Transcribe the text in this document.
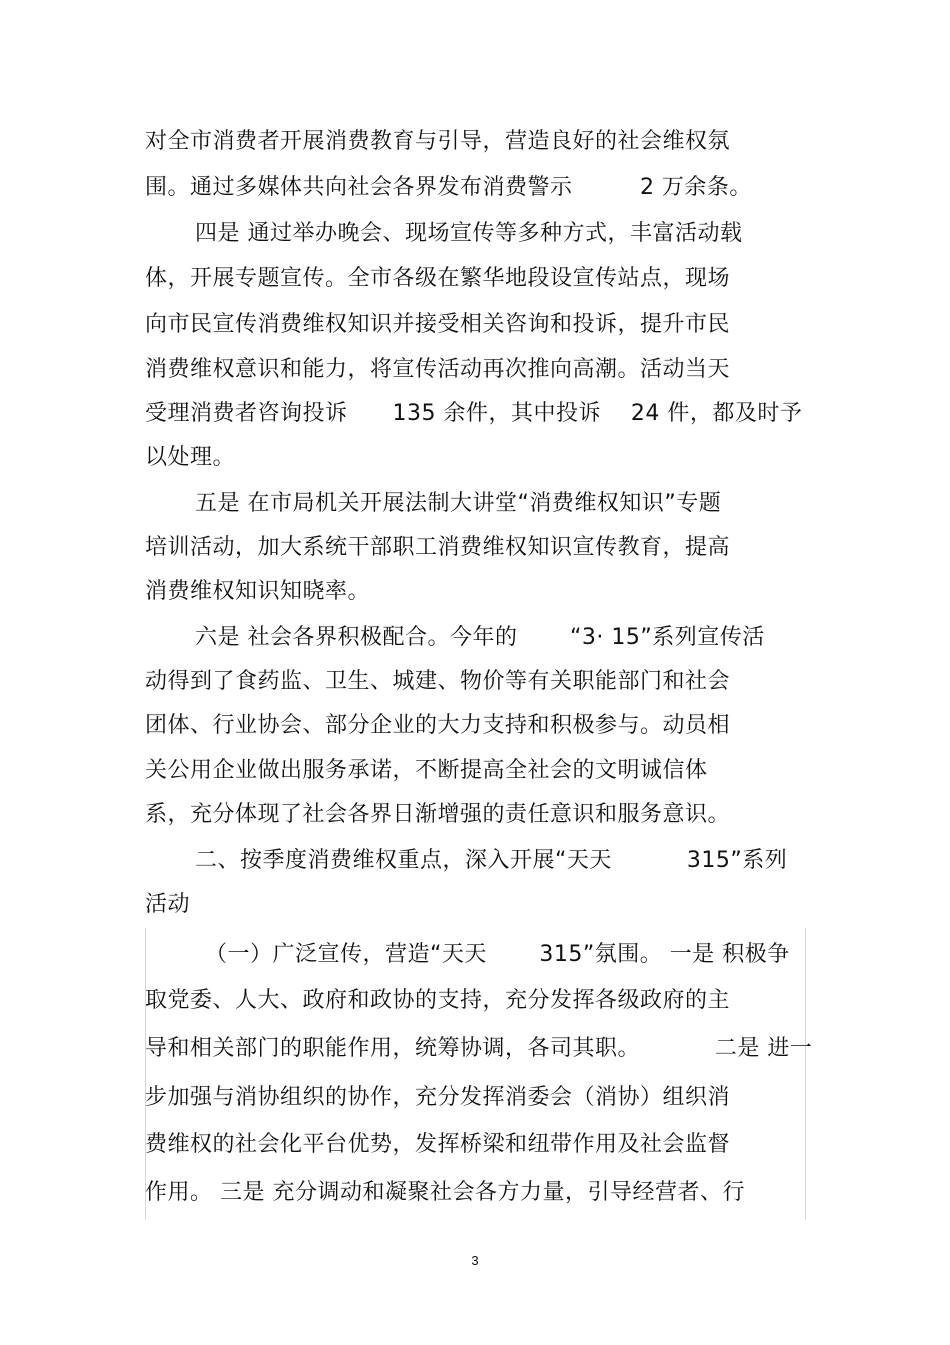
对全市消费者开展消费教育与引导，营造良好的社会维权氛
围。通过多媒体共向社会各界发布消费警示         2 万余条。
四是 通过举办晚会、现场宣传等多种方式，丰富活动载
体，开展专题宣传。全市各级在繁华地段设宣传站点，现场
向市民宣传消费维权知识并接受相关咨询和投诉，提升市民
消费维权意识和能力，将宣传活动再次推向高潮。活动当天
受理消费者咨询投诉      135 余件，其中投诉    24 件，都及时予
以处理。
五是 在市局机关开展法制大讲堂“消费维权知识”专题
培训活动，加大系统干部职工消费维权知识宣传教育，提高
消费维权知识知晓率。
六是 社会各界积极配合。今年的       “3· 15”系列宣传活
动得到了食药监、卫生、城建、物价等有关职能部门和社会
团体、行业协会、部分企业的大力支持和积极参与。动员相
关公用企业做出服务承诺，不断提高全社会的文明诚信体
系，充分体现了社会各界日渐增强的责任意识和服务意识。
二、按季度消费维权重点，深入开展“天天          315”系列
活动
（一）广泛宣传，营造“天天       315”氛围。 一是 积极争
取党委、人大、政府和政协的支持，充分发挥各级政府的主
导和相关部门的职能作用，统筹协调，各司其职。          二是 进一
步加强与消协组织的协作，充分发挥消委会（消协）组织消
费维权的社会化平台优势，发挥桥梁和纽带作用及社会监督
作用。 三是 充分调动和凝聚社会各方力量，引导经营者、行
3
